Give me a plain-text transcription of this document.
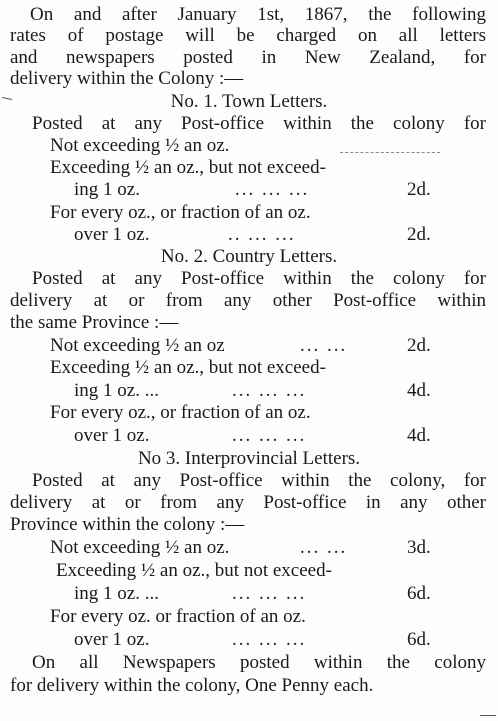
On and after January 1st, 1867, the following
rates of postage will be charged on all letters
and newspapers posted in New Zealand, for
delivery within the Colony :—
No. 1. Town Letters.
Posted at any Post-office within the colony for
Not exceeding ½ an oz.
Exceeding ½ an oz., but not exceed-
ing 1 oz.	... ... ...	2d.
For every oz., or fraction of an oz.
over 1 oz.	.. ... ...	2d.
No. 2. Country Letters.
Posted at any Post-office within the colony for
delivery at or from any other Post-office within
the same Province :—
Not exceeding ½ an oz	... ...	2d.
Exceeding ½ an oz., but not exceed-
ing 1 oz. ...	... ... ...	4d.
For every oz., or fraction of an oz.
over 1 oz.	... ... ...	4d.
No 3. Interprovincial Letters.
Posted at any Post-office within the colony, for
delivery at or from any Post-office in any other
Province within the colony :—
Not exceeding ½ an oz.	... ...	3d.
Exceeding ½ an oz., but not exceed-
ing 1 oz. ...	... ... ...	6d.
For every oz. or fraction of an oz.
over 1 oz.	... ... ...	6d.
On all Newspapers posted within the colony
for delivery within the colony, One Penny each.
